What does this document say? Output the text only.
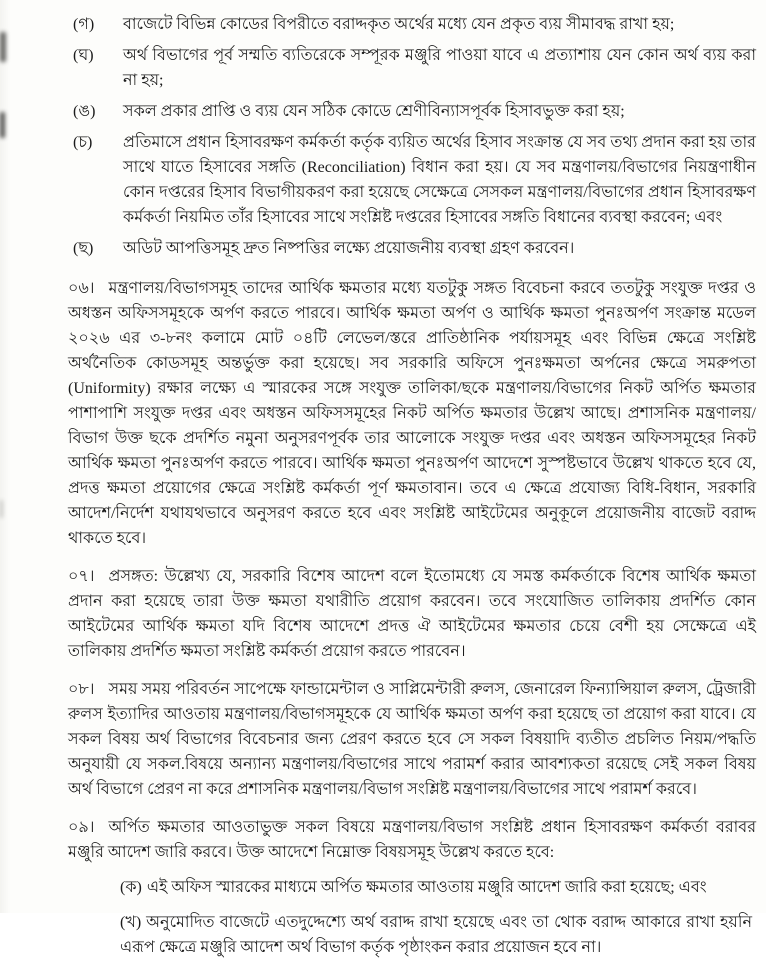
(গ)	বাজেটে বিভিন্ন কোডের বিপরীতে বরাদ্দকৃত অর্থের মধ্যে যেন প্রকৃত ব্যয় সীমাবদ্ধ রাখা হয়;
(ঘ)	অর্থ বিভাগের পূর্ব সম্মতি ব্যতিরেকে সম্পূরক মঞ্জুরি পাওয়া যাবে এ প্রত্যাশায় যেন কোন অর্থ ব্যয় করা না হয়;
(ঙ)	সকল প্রকার প্রাপ্তি ও ব্যয় যেন সঠিক কোডে শ্রেণীবিন্যাসপূর্বক হিসাবভুক্ত করা হয়;
(চ)	প্রতিমাসে প্রধান হিসাবরক্ষণ কর্মকর্তা কর্তৃক ব্যয়িত অর্থের হিসাব সংক্রান্ত যে সব তথ্য প্রদান করা হয় তার সাথে যাতে হিসাবের সঙ্গতি (Reconciliation) বিধান করা হয়। যে সব মন্ত্রণালয়/বিভাগের নিয়ন্ত্রণাধীন কোন দপ্তরের হিসাব বিভাগীয়করণ করা হয়েছে সেক্ষেত্রে সেসকল মন্ত্রণালয়/বিভাগের প্রধান হিসাবরক্ষণ কর্মকর্তা নিয়মিত তাঁর হিসাবের সাথে সংশ্লিষ্ট দপ্তরের হিসাবের সঙ্গতি বিধানের ব্যবস্থা করবেন; এবং
(ছ)	অডিট আপত্তিসমূহ দ্রুত নিষ্পত্তির লক্ষ্যে প্রয়োজনীয় ব্যবস্থা গ্রহণ করবেন।

০৬। মন্ত্রণালয়/বিভাগসমূহ তাদের আর্থিক ক্ষমতার মধ্যে যতটুকু সঙ্গত বিবেচনা করবে ততটুকু সংযুক্ত দপ্তর ও অধস্তন অফিসসমূহকে অর্পণ করতে পারবে। আর্থিক ক্ষমতা অর্পণ ও আর্থিক ক্ষমতা পুনঃঅর্পণ সংক্রান্ত মডেল ২০২৬ এর ৩-৮নং কলামে মোট ০৪টি লেভেল/স্তরে প্রাতিষ্ঠানিক পর্যায়সমূহ এবং বিভিন্ন ক্ষেত্রে সংশ্লিষ্ট অর্থনৈতিক কোডসমূহ অন্তর্ভুক্ত করা হয়েছে। সব সরকারি অফিসে পুনঃক্ষমতা অর্পনের ক্ষেত্রে সমরুপতা (Uniformity) রক্ষার লক্ষ্যে এ স্মারকের সঙ্গে সংযুক্ত তালিকা/ছকে মন্ত্রণালয়/বিভাগের নিকট অর্পিত ক্ষমতার পাশাপাশি সংযুক্ত দপ্তর এবং অধস্তন অফিসসমূহের নিকট অর্পিত ক্ষমতার উল্লেখ আছে। প্রশাসনিক মন্ত্রণালয়/বিভাগ উক্ত ছকে প্রদর্শিত নমুনা অনুসরণপূর্বক তার আলোকে সংযুক্ত দপ্তর এবং অধস্তন অফিসসমূহের নিকট আর্থিক ক্ষমতা পুনঃঅর্পণ করতে পারবে। আর্থিক ক্ষমতা পুনঃঅর্পণ আদেশে সুস্পষ্টভাবে উল্লেখ থাকতে হবে যে, প্রদত্ত ক্ষমতা প্রয়োগের ক্ষেত্রে সংশ্লিষ্ট কর্মকর্তা পূর্ণ ক্ষমতাবান। তবে এ ক্ষেত্রে প্রযোজ্য বিধি-বিধান, সরকারি আদেশ/নির্দেশ যথাযথভাবে অনুসরণ করতে হবে এবং সংশ্লিষ্ট আইটেমের অনুকূলে প্রয়োজনীয় বাজেট বরাদ্দ থাকতে হবে।

০৭। প্রসঙ্গত: উল্লেখ্য যে, সরকারি বিশেষ আদেশ বলে ইতোমধ্যে যে সমস্ত কর্মকর্তাকে বিশেষ আর্থিক ক্ষমতা প্রদান করা হয়েছে তারা উক্ত ক্ষমতা যথারীতি প্রয়োগ করবেন। তবে সংযোজিত তালিকায় প্রদর্শিত কোন আইটেমের আর্থিক ক্ষমতা যদি বিশেষ আদেশে প্রদত্ত ঐ আইটেমের ক্ষমতার চেয়ে বেশী হয় সেক্ষেত্রে এই তালিকায় প্রদর্শিত ক্ষমতা সংশ্লিষ্ট কর্মকর্তা প্রয়োগ করতে পারবেন।

০৮। সময় সময় পরিবর্তন সাপেক্ষে ফান্ডামেন্টাল ও সাপ্লিমেন্টারী রুলস, জেনারেল ফিন্যান্সিয়াল রুলস, ট্রেজারী রুলস ইত্যাদির আওতায় মন্ত্রণালয়/বিভাগসমূহকে যে আর্থিক ক্ষমতা অর্পণ করা হয়েছে তা প্রয়োগ করা যাবে। যে সকল বিষয় অর্থ বিভাগের বিবেচনার জন্য প্রেরণ করতে হবে সে সকল বিষয়াদি ব্যতীত প্রচলিত নিয়ম/পদ্ধতি অনুযায়ী যে সকল.বিষয়ে অন্যান্য মন্ত্রণালয়/বিভাগের সাথে পরামর্শ করার আবশ্যকতা রয়েছে সেই সকল বিষয় অর্থ বিভাগে প্রেরণ না করে প্রশাসনিক মন্ত্রণালয়/বিভাগ সংশ্লিষ্ট মন্ত্রণালয়/বিভাগের সাথে পরামর্শ করবে।

০৯। অর্পিত ক্ষমতার আওতাভুক্ত সকল বিষয়ে মন্ত্রণালয়/বিভাগ সংশ্লিষ্ট প্রধান হিসাবরক্ষণ কর্মকর্তা বরাবর মঞ্জুরি আদেশ জারি করবে। উক্ত আদেশে নিম্নোক্ত বিষয়সমূহ উল্লেখ করতে হবে:

(ক) এই অফিস স্মারকের মাধ্যমে অর্পিত ক্ষমতার আওতায় মঞ্জুরি আদেশ জারি করা হয়েছে; এবং

(খ) অনুমোদিত বাজেটে এতদুদ্দেশ্যে অর্থ বরাদ্দ রাখা হয়েছে এবং তা থোক বরাদ্দ আকারে রাখা হয়নি এরূপ ক্ষেত্রে মঞ্জুরি আদেশ অর্থ বিভাগ কর্তৃক পৃষ্ঠাংকন করার প্রয়োজন হবে না।
